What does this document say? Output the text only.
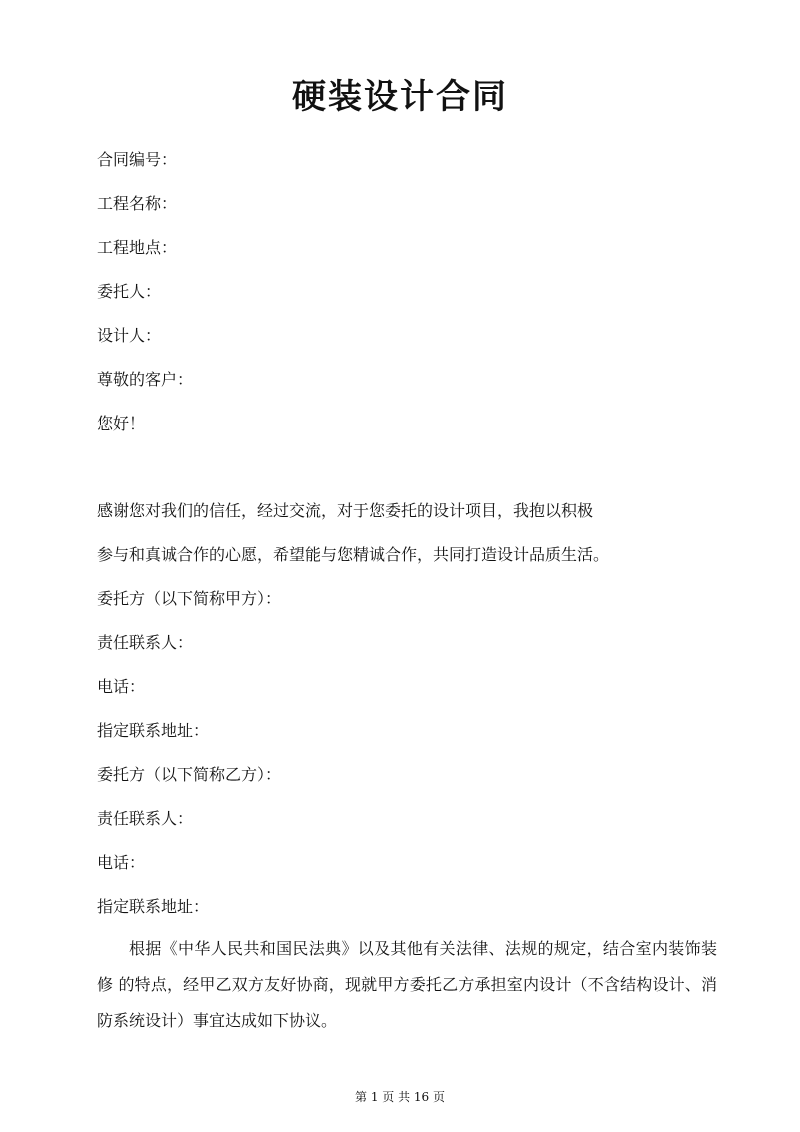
硬装设计合同
合同编号：
工程名称：
工程地点：
委托人：
设计人：
尊敬的客户：
您好！
感谢您对我们的信任，经过交流，对于您委托的设计项目，我抱以积极
参与和真诚合作的心愿，希望能与您精诚合作，共同打造设计品质生活。
委托方（以下简称甲方）：
责任联系人：
电话：
指定联系地址：
委托方（以下简称乙方）：
责任联系人：
电话：
指定联系地址：
根据《中华人民共和国民法典》以及其他有关法律、法规的规定，结合室内装饰装修 的特点，经甲乙双方友好协商，现就甲方委托乙方承担室内设计（不含结构设计、消防系统设计）事宜达成如下协议。
第 1 页 共 16 页
